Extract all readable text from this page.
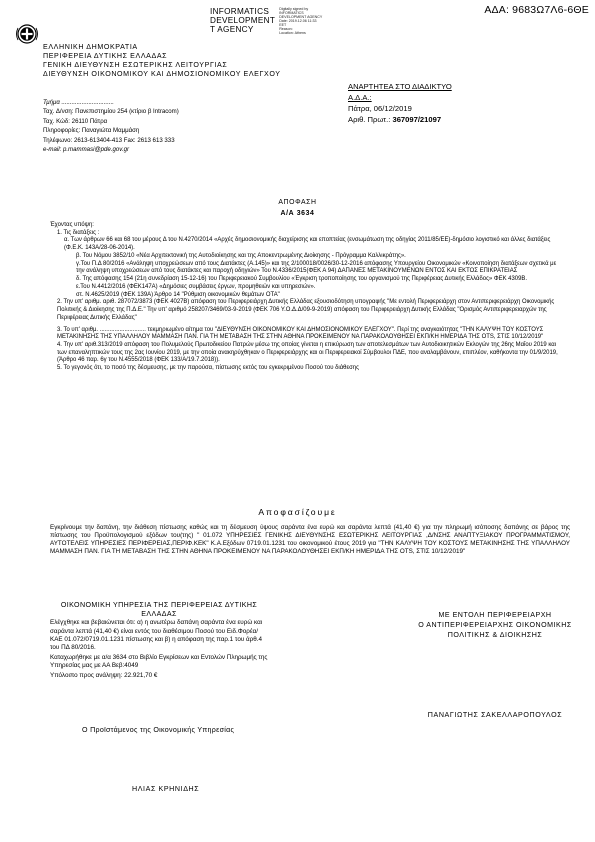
ΑΔΑ: 9683Ω7Λ6-6ΘΕ
INFORMATICS
DEVELOPMENT
T AGENCY
Digitally signed by
INFORMATICS
DEVELOPMENT AGENCY
Date: 2019.12.06 11:33
EET
Reason:
Location: Athens
ΕΛΛΗΝΙΚΗ ΔΗΜΟΚΡΑΤΙΑ
ΠΕΡΙΦΕΡΕΙΑ ΔΥΤΙΚΗΣ ΕΛΛΑΔΑΣ
ΓΕΝΙΚΗ ΔΙΕΥΘΥΝΣΗ ΕΣΩΤΕΡΙΚΗΣ ΛΕΙΤΟΥΡΓΙΑΣ
ΔΙΕΥΘΥΝΣΗ ΟΙΚΟΝΟΜΙΚΟΥ ΚΑΙ ΔΗΜΟΣΙΟΝΟΜΙΚΟΥ ΕΛΕΓΧΟΥ
Τμήμα ...............................
Ταχ. Δ/νση: Πανεπιστημίου 254 (κτίριο β Intracom)
Ταχ. Κώδ: 26110 Πάτρα
Πληροφορίες: Παναγιώτα Μαμμάση
Τηλέφωνο: 2613-613404-413 Fax: 2613 613 333
e-mail: p.mammasi@pde.gov.gr
ΑΝΑΡΤΗΤΕΑ ΣΤΟ ΔΙΑΔΙΚΤΥΟ
Α.Δ.Α.:
Πάτρα, 06/12/2019
Αριθ. Πρωτ.: 367097/21097
ΑΠΟΦΑΣΗ
Α/Α 3634

Έχοντας υπόψη:

1. Τις διατάξεις :

α. Των άρθρων 66 και 68 του μέρους Δ του Ν.4270/2014 «Αρχές δημοσιονομικής διαχείρισης και εποπτείας (ενσωμάτωση της οδηγίας 2011/85/ΕΕ)-δημόσιο λογιστικό και άλλες διατάξεις (Φ.Ε.Κ. 143Α/28-06-2014).

β. Του Νόμου 3852/10 «Νέα Αρχιτεκτονική της Αυτοδιοίκησης και της Αποκεντρωμένης Διοίκησης - Πρόγραμμα Καλλικράτης».

γ.Του Π.Δ 80/2016 «Ανάληψη υποχρεώσεων από τους Διατάκτες (Α.145)» και της 2/100018/0026/30-12-2016 απόφασης Υπουργείου Οικονομικών «Κοινοποίηση διατάξεων σχετικά με την ανάληψη υποχρεώσεων από τους διατάκτες και παροχή οδηγιών» Του Ν.4336/2015(ΦΕΚ Α 94) ΔΑΠΑΝΕΣ ΜΕΤΑΚΙΝΟΥΜΕΝΩΝ ΕΝΤΟΣ ΚΑΙ ΕΚΤΟΣ ΕΠΙΚΡΑΤΕΙΑΣ

δ. Της απόφασης 154 (21η συνεδρίαση 15-12-16) του Περιφερειακού Συμβουλίου «Έγκριση τροποποίησης του οργανισμού της Περιφέρειας Δυτικής Ελλάδος» ΦΕΚ 4309Β.

ε.Του Ν.4412/2016 (ΦΕΚ147Α) «Δημόσιες συμβάσεις έργων, προμηθειών και υπηρεσιών».

στ. Ν.4625/2019 (ΦΕΚ 139Α) Άρθρο 14 "Ρύθμιση οικονομικών θεμάτων ΟΤΑ"

2. Την υπ' αριθμ. αριθ. 287072/3873 (ΦΕΚ 4027Β) απόφαση του Περιφερειάρχη Δυτικής Ελλάδας εξουσιοδότηση υπογραφής "Με εντολή Περιφερειάρχη στον Αντιπεριφερειάρχη Οικονομικής Πολιτικής & Διοίκησης της Π.Δ.Ε." Την υπ' αριθμό 258207/3469/03-9-2019 (ΦΕΚ 706 Υ.Ο.Δ.Δ/09-9-2019) απόφαση του Περιφερειάρχη Δυτικής Ελλάδας "Ορισμός Αντιπεριφερειαρχών της Περιφέρειας Δυτικής Ελλάδας"

3. Το υπ' αριθμ. ............................ τεκμηριωμένο αίτημα του "ΔΙΕΥΘΥΝΣΗ ΟΙΚΟΝΟΜΙΚΟΥ ΚΑΙ ΔΗΜΟΣΙΟΝΟΜΙΚΟΥ ΕΛΕΓΧΟΥ". Περί της αναγκαιότητας "ΤΗΝ ΚΑΛΥΨΗ ΤΟΥ ΚΟΣΤΟΥΣ ΜΕΤΑΚΙΝΗΣΗΣ ΤΗΣ ΥΠΑΛΛΗΛΟΥ ΜΑΜΜΑΣΗ ΠΑΝ. ΓΙΑ ΤΗ ΜΕΤΑΒΑΣΗ ΤΗΣ ΣΤΗΝ ΑΘΗΝΑ ΠΡΟΚΕΙΜΕΝΟΥ ΝΑ ΠΑΡΑΚΟΛΟΥΘΗΣΕΙ ΕΚΠ/ΚΗ ΗΜΕΡΙΔΑ ΤΗΣ OTS, ΣΤΙΣ 10/12/2019"

4. Την υπ' αριθ.313/2019 απόφαση του Πολυμελούς Πρωτοδικείου Πατρών μέσω της οποίας γίνεται η επικύρωση των αποτελεσμάτων των Αυτοδιοικητικών Εκλογών της 26ης Μαΐου 2019 και των επαναληπτικών τους της 2ας Ιουνίου 2019, με την οποία ανακηρύχθηκαν ο Περιφερειάρχης και οι Περιφερειακοί Σύμβουλοι ΠΔΕ, που αναλαμβάνουν, επιπλέον, καθήκοντα την 01/9/2019, (Άρθρο 46 παρ. 6γ του Ν.4555/2018 (ΦΕΚ 133/Α/19.7.2018)).

5. Το γεγονός ότι, το ποσό της δέσμευσης, με την παρούσα, πίστωσης εκτός του εγκεκριμένου Ποσού του διάθεσης

Αποφασίζουμε
Εγκρίνουμε την δαπάνη, την διάθεση πίστωσης καθώς και τη δέσμευση ύψους σαράντα ένα ευρώ και σαράντα λεπτά (41,40 €) για την πληρωμή ισόποσης δαπάνης σε βάρος της πίστωσης του Προϋπολογισμού εξόδων του(της) " 01.072 ΥΠΗΡΕΣΙΕΣ ΓΕΝΙΚΗΣ ΔΙΕΥΘΥΝΣΗΣ ΕΣΩΤΕΡΙΚΗΣ ΛΕΙΤΟΥΡΓΙΑΣ ,Δ/ΝΣΗΣ ΑΝΑΠΤΥΞΙΑΚΟΥ ΠΡΟΓΡΑΜΜΑΤΙΣΜΟΥ, ΑΥΤΟΤΕΛΕΙΣ ΥΠΗΡΕΣΙΕΣ ΠΕΡΙΦΕΡΕΙΑΣ,ΠΕΡΙΦ.ΚΕΚ" Κ.Α.Εξόδων 0719.01.1231 του οικονομικού έτους 2019 για "ΤΗΝ ΚΑΛΥΨΗ ΤΟΥ ΚΟΣΤΟΥΣ ΜΕΤΑΚΙΝΗΣΗΣ ΤΗΣ ΥΠΑΛΛΗΛΟΥ ΜΑΜΜΑΣΗ ΠΑΝ. ΓΙΑ ΤΗ ΜΕΤΑΒΑΣΗ ΤΗΣ ΣΤΗΝ ΑΘΗΝΑ ΠΡΟΚΕΙΜΕΝΟΥ ΝΑ ΠΑΡΑΚΟΛΟΥΘΗΣΕΙ ΕΚΠ/ΚΗ ΗΜΕΡΙΔΑ ΤΗΣ OTS, ΣΤΙΣ 10/12/2019"

ΟΙΚΟΝΟΜΙΚΗ ΥΠΗΡΕΣΙΑ ΤΗΣ ΠΕΡΙΦΕΡΕΙΑΣ ΔΥΤΙΚΗΣ

ΕΛΛΑΔΑΣ

Ελέγχθηκε και βεβαιώνεται ότι: α) η ανωτέρω δαπάνη σαράντα ένα ευρώ και σαράντα λεπτά (41,40 €) είναι εντός του διαθέσιμου Ποσού του Ειδ.Φορέα/ΚΑΕ 01.072/0719.01.1231 πίστωσης και β) η απόφαση της παρ.1 του άρθ.4 του ΠΔ 80/2016.

Καταχωρήθηκε με α/α 3634 στο Βιβλίο Εγκρίσεων και Εντολών Πληρωμής της Υπηρεσίας μας με ΑΑ Βεβ:4049

Υπόλοιπο προς ανάληψη: 22.921,70 €

ΜΕ ΕΝΤΟΛΗ ΠΕΡΙΦΕΡΕΙΑΡΧΗ
Ο ΑΝΤΙΠΕΡΙΦΕΡΕΙΑΡΧΗΣ ΟΙΚΟΝΟΜΙΚΗΣ
ΠΟΛΙΤΙΚΗΣ & ΔΙΟΙΚΗΣΗΣ
ΠΑΝΑΓΙΩΤΗΣ ΣΑΚΕΛΛΑΡΟΠΟΥΛΟΣ
Ο Προϊστάμενος της Οικονομικής Υπηρεσίας
ΗΛΙΑΣ ΚΡΗΝΙΔΗΣ
